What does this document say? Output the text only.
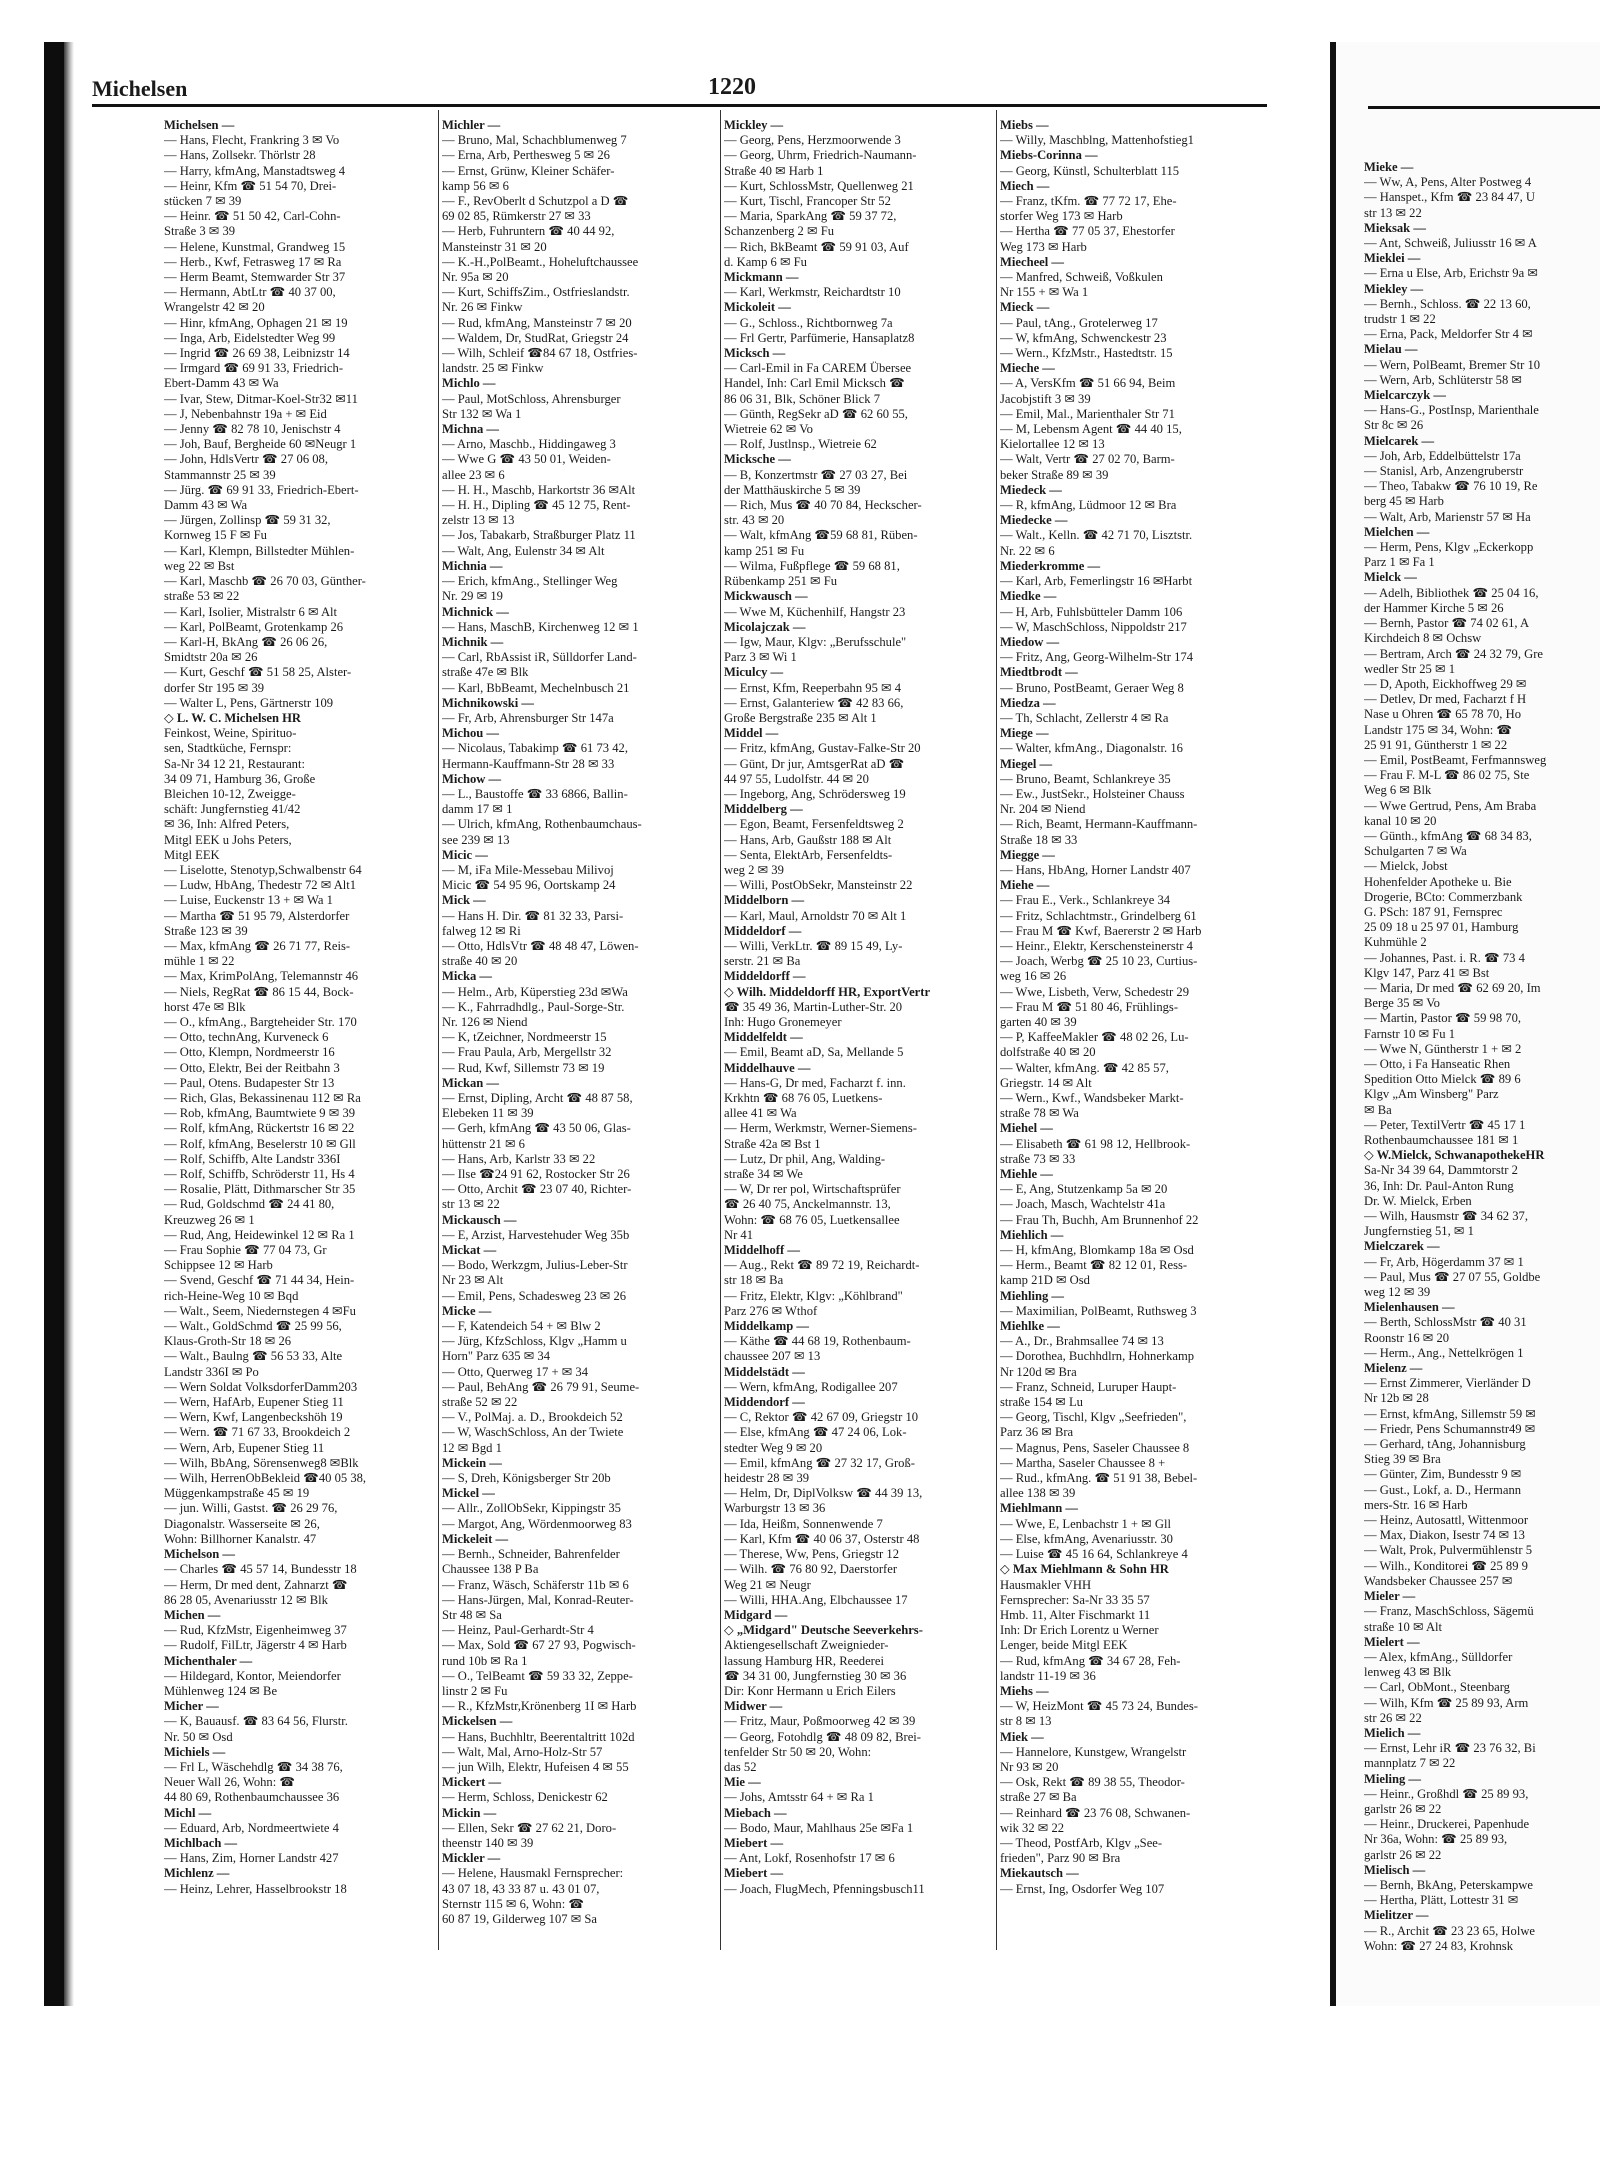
Mieke —
— Ww, A, Pens, Alter Postweg 4
— Hanspet., Kfm ☎ 23 84 47, U
str 13 ✉ 22
Mieksak —
— Ant, Schweiß, Juliusstr 16 ✉ A
Mieklei —
— Erna u Else, Arb, Erichstr 9a ✉
Miekley —
— Bernh., Schloss. ☎ 22 13 60,
trudstr 1 ✉ 22
— Erna, Pack, Meldorfer Str 4 ✉
Mielau —
— Wern, PolBeamt, Bremer Str 10
— Wern, Arb, Schlüterstr 58 ✉
Mielcarczyk —
— Hans-G., PostInsp, Marienthale
Str 8c ✉ 26
Mielcarek —
— Joh, Arb, Eddelbüttelstr 17a
— Stanisl, Arb, Anzengruberstr
— Theo, Tabakw ☎ 76 10 19, Re
berg 45 ✉ Harb
— Walt, Arb, Marienstr 57 ✉ Ha
Mielchen —
— Herm, Pens, Klgv „Eckerkopp
Parz 1 ✉ Fa 1
Mielck —
— Adelh, Bibliothek ☎ 25 04 16,
der Hammer Kirche 5 ✉ 26
— Bernh, Pastor ☎ 74 02 61, A
Kirchdeich 8 ✉ Ochsw
— Bertram, Arch ☎ 24 32 79, Gre
wedler Str 25 ✉ 1
— D, Apoth, Eickhoffweg 29 ✉
— Detlev, Dr med, Facharzt f H
Nase u Ohren ☎ 65 78 70, Ho
Landstr 175 ✉ 34, Wohn: ☎
25 91 91, Güntherstr 1 ✉ 22
— Emil, PostBeamt, Ferfmannsweg
— Frau F. M-L ☎ 86 02 75, Ste
Weg 6 ✉ Blk
— Wwe Gertrud, Pens, Am Braba
kanal 10 ✉ 20
— Günth., kfmAng ☎ 68 34 83,
Schulgarten 7 ✉ Wa
— Mielck, Jobst
Hohenfelder Apotheke u. Bie
Drogerie, BCto: Commerzbank
G. PSch: 187 91, Fernsprec
25 09 18 u 25 97 01, Hamburg
Kuhmühle 2
— Johannes, Past. i. R. ☎ 73 4
Klgv 147, Parz 41 ✉ Bst
— Maria, Dr med ☎ 62 69 20, Im
Berge 35 ✉ Vo
— Martin, Pastor ☎ 59 98 70,
Farnstr 10 ✉ Fu 1
— Wwe N, Güntherstr 1 + ✉ 2
— Otto, i Fa Hanseatic Rhen
Spedition Otto Mielck ☎ 89 6
Klgv „Am Winsberg" Parz
✉ Ba
— Peter, TextilVertr ☎ 45 17 1
Rothenbaumchaussee 181 ✉ 1
◇ W.Mielck, SchwanapothekeHR
Sa-Nr 34 39 64, Dammtorstr 2
36, Inh: Dr. Paul-Anton Rung
Dr. W. Mielck, Erben
— Wilh, Hausmstr ☎ 34 62 37,
Jungfernstieg 51, ✉ 1
Mielczarek —
— Fr, Arb, Högerdamm 37 ✉ 1
— Paul, Mus ☎ 27 07 55, Goldbe
weg 12 ✉ 39
Mielenhausen —
— Berth, SchlossMstr ☎ 40 31
Roonstr 16 ✉ 20
— Herm., Ang., Nettelkrögen 1
Mielenz —
— Ernst Zimmerer, Vierländer D
Nr 12b ✉ 28
— Ernst, kfmAng, Sillemstr 59 ✉
— Friedr, Pens Schumannstr49 ✉
— Gerhard, tAng, Johannisburg
Stieg 39 ✉ Bra
— Günter, Zim, Bundesstr 9 ✉
— Gust., Lokf, a. D., Hermann
mers-Str. 16 ✉ Harb
— Heinz, Autosattl, Wittenmoor
— Max, Diakon, Isestr 74 ✉ 13
— Walt, Prok, Pulvermühlenstr 5
— Wilh., Konditorei ☎ 25 89 9
Wandsbeker Chaussee 257 ✉
Mieler —
— Franz, MaschSchloss, Sägemü
straße 10 ✉ Alt
Mielert —
— Alex, kfmAng., Sülldorfer
lenweg 43 ✉ Blk
— Carl, ObMont., Steenbarg
— Wilh, Kfm ☎ 25 89 93, Arm
str 26 ✉ 22
Mielich —
— Ernst, Lehr iR ☎ 23 76 32, Bi
mannplatz 7 ✉ 22
Mieling —
— Heinr., Großhdl ☎ 25 89 93,
garlstr 26 ✉ 22
— Heinr., Druckerei, Papenhude
Nr 36a, Wohn: ☎ 25 89 93,
garlstr 26 ✉ 22
Mielisch —
— Bernh, BkAng, Peterskampwe
— Hertha, Plätt, Lottestr 31 ✉
Mielitzer —
— R., Archit ☎ 23 23 65, Holwe
Wohn: ☎ 27 24 83, Krohnsk
Michelsen	1220
Michelsen —
— Hans, Flecht, Frankring 3 ✉ Vo
— Hans, Zollsekr. Thörlstr 28
— Harry, kfmAng, Manstadtsweg 4
— Heinr, Kfm ☎ 51 54 70, Drei-
stücken 7 ✉ 39
— Heinr. ☎ 51 50 42, Carl-Cohn-
Straße 3 ✉ 39
— Helene, Kunstmal, Grandweg 15
— Herb., Kwf, Fetrasweg 17 ✉ Ra
— Herm Beamt, Stemwarder Str 37
— Hermann, AbtLtr ☎ 40 37 00,
Wrangelstr 42 ✉ 20
— Hinr, kfmAng, Ophagen 21 ✉ 19
— Inga, Arb, Eidelstedter Weg 99
— Ingrid ☎ 26 69 38, Leibnizstr 14
— Irmgard ☎ 69 91 33, Friedrich-
Ebert-Damm 43 ✉ Wa
— Ivar, Stew, Ditmar-Koel-Str32 ✉11
— J, Nebenbahnstr 19a + ✉ Eid
— Jenny ☎ 82 78 10, Jenischstr 4
— Joh, Bauf, Bergheide 60 ✉Neugr 1
— John, HdlsVertr ☎ 27 06 08,
Stammannstr 25 ✉ 39
— Jürg. ☎ 69 91 33, Friedrich-Ebert-
Damm 43 ✉ Wa
— Jürgen, Zollinsp ☎ 59 31 32,
Kornweg 15 F ✉ Fu
— Karl, Klempn, Billstedter Mühlen-
weg 22 ✉ Bst
— Karl, Maschb ☎ 26 70 03, Günther-
straße 53 ✉ 22
— Karl, Isolier, Mistralstr 6 ✉ Alt
— Karl, PolBeamt, Grotenkamp 26
— Karl-H, BkAng ☎ 26 06 26,
Smidtstr 20a ✉ 26
— Kurt, Geschf ☎ 51 58 25, Alster-
dorfer Str 195 ✉ 39
— Walter L, Pens, Gärtnerstr 109
◇ L. W. C. Michelsen HR
Feinkost, Weine, Spirituo-
sen, Stadtküche, Fernspr:
Sa-Nr 34 12 21, Restaurant:
34 09 71, Hamburg 36, Große
Bleichen 10-12, Zweigge-
schäft: Jungfernstieg 41/42
✉ 36, Inh: Alfred Peters,
Mitgl EEK u Johs Peters,
Mitgl EEK
— Liselotte, Stenotyp,Schwalbenstr 64
— Ludw, HbAng, Thedestr 72 ✉ Alt1
— Luise, Euckenstr 13 + ✉ Wa 1
— Martha ☎ 51 95 79, Alsterdorfer
Straße 123 ✉ 39
— Max, kfmAng ☎ 26 71 77, Reis-
mühle 1 ✉ 22
— Max, KrimPolAng, Telemannstr 46
— Niels, RegRat ☎ 86 15 44, Bock-
horst 47e ✉ Blk
— O., kfmAng., Bargteheider Str. 170
— Otto, technAng, Kurveneck 6
— Otto, Klempn, Nordmeerstr 16
— Otto, Elektr, Bei der Reitbahn 3
— Paul, Otens. Budapester Str 13
— Rich, Glas, Bekassinenau 112 ✉ Ra
— Rob, kfmAng, Baumtwiete 9 ✉ 39
— Rolf, kfmAng, Rückertstr 16 ✉ 22
— Rolf, kfmAng, Beselerstr 10 ✉ Gll
— Rolf, Schiffb, Alte Landstr 336I
— Rolf, Schiffb, Schröderstr 11, Hs 4
— Rosalie, Plätt, Dithmarscher Str 35
— Rud, Goldschmd ☎ 24 41 80,
Kreuzweg 26 ✉ 1
— Rud, Ang, Heidewinkel 12 ✉ Ra 1
— Frau Sophie ☎ 77 04 73, Gr
Schippsee 12 ✉ Harb
— Svend, Geschf ☎ 71 44 34, Hein-
rich-Heine-Weg 10 ✉ Bqd
— Walt., Seem, Niedernstegen 4 ✉Fu
— Walt., GoldSchmd ☎ 25 99 56,
Klaus-Groth-Str 18 ✉ 26
— Walt., Baulng ☎ 56 53 33, Alte
Landstr 336I ✉ Po
— Wern Soldat VolksdorferDamm203
— Wern, HafArb, Eupener Stieg 11
— Wern, Kwf, Langenbeckshöh 19
— Wern. ☎ 71 67 33, Brookdeich 2
— Wern, Arb, Eupener Stieg 11
— Wilh, BbAng, Sörensenweg8 ✉Blk
— Wilh, HerrenObBekleid ☎40 05 38,
Müggenkampstraße 45 ✉ 19
— jun. Willi, Gastst. ☎ 26 29 76,
Diagonalstr. Wasserseite ✉ 26,
Wohn: Billhorner Kanalstr. 47
Michelson —
— Charles ☎ 45 57 14, Bundesstr 18
— Herm, Dr med dent, Zahnarzt ☎
86 28 05, Avenariusstr 12 ✉ Blk
Michen —
— Rud, KfzMstr, Eigenheimweg 37
— Rudolf, FilLtr, Jägerstr 4 ✉ Harb
Michenthaler —
— Hildegard, Kontor, Meiendorfer
Mühlenweg 124 ✉ Be
Micher —
— K, Bauausf. ☎ 83 64 56, Flurstr.
Nr. 50 ✉ Osd
Michiels —
— Frl L, Wäschehdlg ☎ 34 38 76,
Neuer Wall 26, Wohn: ☎
44 80 69, Rothenbaumchaussee 36
Michl —
— Eduard, Arb, Nordmeertwiete 4
Michlbach —
— Hans, Zim, Horner Landstr 427
Michlenz —
— Heinz, Lehrer, Hasselbrookstr 18
Michler —
— Bruno, Mal, Schachblumenweg 7
— Erna, Arb, Perthesweg 5 ✉ 26
— Ernst, Grünw, Kleiner Schäfer-
kamp 56 ✉ 6
— F., RevOberlt d Schutzpol a D ☎
69 02 85, Rümkerstr 27 ✉ 33
— Herb, Fuhruntern ☎ 40 44 92,
Mansteinstr 31 ✉ 20
— K.-H.,PolBeamt., Hoheluftchaussee
Nr. 95a ✉ 20
— Kurt, SchiffsZim., Ostfrieslandstr.
Nr. 26 ✉ Finkw
— Rud, kfmAng, Mansteinstr 7 ✉ 20
— Waldem, Dr, StudRat, Griegstr 24
— Wilh, Schleif ☎84 67 18, Ostfries-
landstr. 25 ✉ Finkw
Michlo —
— Paul, MotSchloss, Ahrensburger
Str 132 ✉ Wa 1
Michna —
— Arno, Maschb., Hiddingaweg 3
— Wwe G ☎ 43 50 01, Weiden-
allee 23 ✉ 6
— H. H., Maschb, Harkortstr 36 ✉Alt
— H. H., Dipling ☎ 45 12 75, Rent-
zelstr 13 ✉ 13
— Jos, Tabakarb, Straßburger Platz 11
— Walt, Ang, Eulenstr 34 ✉ Alt
Michnia —
— Erich, kfmAng., Stellinger Weg
Nr. 29 ✉ 19
Michnick —
— Hans, MaschB, Kirchenweg 12 ✉ 1
Michnik —
— Carl, RbAssist iR, Sülldorfer Land-
straße 47e ✉ Blk
— Karl, BbBeamt, Mechelnbusch 21
Michnikowski —
— Fr, Arb, Ahrensburger Str 147a
Michou —
— Nicolaus, Tabakimp ☎ 61 73 42,
Hermann-Kauffmann-Str 28 ✉ 33
Michow —
— L., Baustoffe ☎ 33 6866, Ballin-
damm 17 ✉ 1
— Ulrich, kfmAng, Rothenbaumchaus-
see 239 ✉ 13
Micic —
— M, iFa Mile-Messebau Milivoj
Micic ☎ 54 95 96, Oortskamp 24
Mick —
— Hans H. Dir. ☎ 81 32 33, Parsi-
falweg 12 ✉ Ri
— Otto, HdlsVtr ☎ 48 48 47, Löwen-
straße 40 ✉ 20
Micka —
— Helm., Arb, Küperstieg 23d ✉Wa
— K., Fahrradhdlg., Paul-Sorge-Str.
Nr. 126 ✉ Niend
— K, tZeichner, Nordmeerstr 15
— Frau Paula, Arb, Mergellstr 32
— Rud, Kwf, Sillemstr 73 ✉ 19
Mickan —
— Ernst, Dipling, Archt ☎ 48 87 58,
Elebeken 11 ✉ 39
— Gerh, kfmAng ☎ 43 50 06, Glas-
hüttenstr 21 ✉ 6
— Hans, Arb, Karlstr 33 ✉ 22
— Ilse ☎24 91 62, Rostocker Str 26
— Otto, Archit ☎ 23 07 40, Richter-
str 13 ✉ 22
Mickausch —
— E, Arzist, Harvestehuder Weg 35b
Mickat —
— Bodo, Werkzgm, Julius-Leber-Str
Nr 23 ✉ Alt
— Emil, Pens, Schadesweg 23 ✉ 26
Micke —
— F, Katendeich 54 + ✉ Blw 2
— Jürg, KfzSchloss, Klgv „Hamm u
Horn" Parz 635 ✉ 34
— Otto, Querweg 17 + ✉ 34
— Paul, BehAng ☎ 26 79 91, Seume-
straße 52 ✉ 22
— V., PolMaj. a. D., Brookdeich 52
— W, WaschSchloss, An der Twiete
12 ✉ Bgd 1
Mickein —
— S, Dreh, Königsberger Str 20b
Mickel —
— Allr., ZollObSekr, Kippingstr 35
— Margot, Ang, Wördenmoorweg 83
Mickeleit —
— Bernh., Schneider, Bahrenfelder
Chaussee 138 P Ba
— Franz, Wäsch, Schäferstr 11b ✉ 6
— Hans-Jürgen, Mal, Konrad-Reuter-
Str 48 ✉ Sa
— Heinz, Paul-Gerhardt-Str 4
— Max, Sold ☎ 67 27 93, Pogwisch-
rund 10b ✉ Ra 1
— O., TelBeamt ☎ 59 33 32, Zeppe-
linstr 2 ✉ Fu
— R., KfzMstr,Krönenberg 1I ✉ Harb
Mickelsen —
— Hans, Buchhltr, Beerentaltritt 102d
— Walt, Mal, Arno-Holz-Str 57
— jun Wilh, Elektr, Hufeisen 4 ✉ 55
Mickert —
— Herm, Schloss, Denickestr 62
Mickin —
— Ellen, Sekr ☎ 27 62 21, Doro-
theenstr 140 ✉ 39
Mickler —
— Helene, Hausmakl Fernsprecher:
43 07 18, 43 33 87 u. 43 01 07,
Sternstr 115 ✉ 6, Wohn: ☎
60 87 19, Gilderweg 107 ✉ Sa
Mickley —
— Georg, Pens, Herzmoorwende 3
— Georg, Uhrm, Friedrich-Naumann-
Straße 40 ✉ Harb 1
— Kurt, SchlossMstr, Quellenweg 21
— Kurt, Tischl, Francoper Str 52
— Maria, SparkAng ☎ 59 37 72,
Schanzenberg 2 ✉ Fu
— Rich, BkBeamt ☎ 59 91 03, Auf
d. Kamp 6 ✉ Fu
Mickmann —
— Karl, Werkmstr, Reichardtstr 10
Mickoleit —
— G., Schloss., Richtbornweg 7a
— Frl Gertr, Parfümerie, Hansaplatz8
Micksch —
— Carl-Emil in Fa CAREM Übersee
Handel, Inh: Carl Emil Micksch ☎
86 06 31, Blk, Schöner Blick 7
— Günth, RegSekr aD ☎ 62 60 55,
Wietreie 62 ✉ Vo
— Rolf, Justlnsp., Wietreie 62
Micksche —
— B, Konzertmstr ☎ 27 03 27, Bei
der Matthäuskirche 5 ✉ 39
— Rich, Mus ☎ 40 70 84, Heckscher-
str. 43 ✉ 20
— Walt, kfmAng ☎59 68 81, Rüben-
kamp 251 ✉ Fu
— Wilma, Fußpflege ☎ 59 68 81,
Rübenkamp 251 ✉ Fu
Mickwausch —
— Wwe M, Küchenhilf, Hangstr 23
Micolajczak —
— Igw, Maur, Klgv: „Berufsschule"
Parz 3 ✉ Wi 1
Miculcy —
— Ernst, Kfm, Reeperbahn 95 ✉ 4
— Ernst, Galanteriew ☎ 42 83 66,
Große Bergstraße 235 ✉ Alt 1
Middel —
— Fritz, kfmAng, Gustav-Falke-Str 20
— Günt, Dr jur, AmtsgerRat aD ☎
44 97 55, Ludolfstr. 44 ✉ 20
— Ingeborg, Ang, Schrödersweg 19
Middelberg —
— Egon, Beamt, Fersenfeldtsweg 2
— Hans, Arb, Gaußstr 188 ✉ Alt
— Senta, ElektArb, Fersenfeldts-
weg 2 ✉ 39
— Willi, PostObSekr, Mansteinstr 22
Middelborn —
— Karl, Maul, Arnoldstr 70 ✉ Alt 1
Middeldorf —
— Willi, VerkLtr. ☎ 89 15 49, Ly-
serstr. 21 ✉ Ba
Middeldorff —
◇ Wilh. Middeldorff HR, ExportVertr
☎ 35 49 36, Martin-Luther-Str. 20
Inh: Hugo Gronemeyer
Middelfeldt —
— Emil, Beamt aD, Sa, Mellande 5
Middelhauve —
— Hans-G, Dr med, Facharzt f. inn.
Krkhtn ☎ 68 76 05, Luetkens-
allee 41 ✉ Wa
— Herm, Werkmstr, Werner-Siemens-
Straße 42a ✉ Bst 1
— Lutz, Dr phil, Ang, Walding-
straße 34 ✉ We
— W, Dr rer pol, Wirtschaftsprüfer
☎ 26 40 75, Anckelmannstr. 13,
Wohn: ☎ 68 76 05, Luetkensallee
Nr 41
Middelhoff —
— Aug., Rekt ☎ 89 72 19, Reichardt-
str 18 ✉ Ba
— Fritz, Elektr, Klgv: „Köhlbrand"
Parz 276 ✉ Wthof
Middelkamp —
— Käthe ☎ 44 68 19, Rothenbaum-
chaussee 207 ✉ 13
Middelstädt —
— Wern, kfmAng, Rodigallee 207
Middendorf —
— C, Rektor ☎ 42 67 09, Griegstr 10
— Else, kfmAng ☎ 47 24 06, Lok-
stedter Weg 9 ✉ 20
— Emil, kfmAng ☎ 27 32 17, Groß-
heidestr 28 ✉ 39
— Helm, Dr, DiplVolksw ☎ 44 39 13,
Warburgstr 13 ✉ 36
— Ida, Heißm, Sonnenwende 7
— Karl, Kfm ☎ 40 06 37, Osterstr 48
— Therese, Ww, Pens, Griegstr 12
— Wilh. ☎ 76 80 92, Daerstorfer
Weg 21 ✉ Neugr
— Willi, HHA.Ang, Elbchaussee 17
Midgard —
◇ „Midgard" Deutsche Seeverkehrs-
Aktiengesellschaft Zweignieder-
lassung Hamburg HR, Reederei
☎ 34 31 00, Jungfernstieg 30 ✉ 36
Dir: Konr Hermann u Erich Eilers
Midwer —
— Fritz, Maur, Poßmoorweg 42 ✉ 39
— Georg, Fotohdlg ☎ 48 09 82, Brei-
tenfelder Str 50 ✉ 20, Wohn:
das 52
Mie —
— Johs, Amtsstr 64 + ✉ Ra 1
Miebach —
— Bodo, Maur, Mahlhaus 25e ✉Fa 1
Miebert —
— Ant, Lokf, Rosenhofstr 17 ✉ 6
Miebert —
— Joach, FlugMech, Pfenningsbusch11
Miebs —
— Willy, Maschblng, Mattenhofstieg1
Miebs-Corinna —
— Georg, Künstl, Schulterblatt 115
Miech —
— Franz, tKfm. ☎ 77 72 17, Ehe-
storfer Weg 173 ✉ Harb
— Hertha ☎ 77 05 37, Ehestorfer
Weg 173 ✉ Harb
Miecheel —
— Manfred, Schweiß, Voßkulen
Nr 155 + ✉ Wa 1
Mieck —
— Paul, tAng., Grotelerweg 17
— W, kfmAng, Schwenckestr 23
— Wern., KfzMstr., Hastedtstr. 15
Mieche —
— A, VersKfm ☎ 51 66 94, Beim
Jacobjstift 3 ✉ 39
— Emil, Mal., Marienthaler Str 71
— M, Lebensm Agent ☎ 44 40 15,
Kielortallee 12 ✉ 13
— Walt, Vertr ☎ 27 02 70, Barm-
beker Straße 89 ✉ 39
Miedeck —
— R, kfmAng, Lüdmoor 12 ✉ Bra
Miedecke —
— Walt., Kelln. ☎ 42 71 70, Lisztstr.
Nr. 22 ✉ 6
Miederkromme —
— Karl, Arb, Femerlingstr 16 ✉Harbt
Miedke —
— H, Arb, Fuhlsbütteler Damm 106
— W, MaschSchloss, Nippoldstr 217
Miedow —
— Fritz, Ang, Georg-Wilhelm-Str 174
Miedtbrodt —
— Bruno, PostBeamt, Geraer Weg 8
Miedza —
— Th, Schlacht, Zellerstr 4 ✉ Ra
Miege —
— Walter, kfmAng., Diagonalstr. 16
Miegel —
— Bruno, Beamt, Schlankreye 35
— Ew., JustSekr., Holsteiner Chauss
Nr. 204 ✉ Niend
— Rich, Beamt, Hermann-Kauffmann-
Straße 18 ✉ 33
Miegge —
— Hans, HbAng, Horner Landstr 407
Miehe —
— Frau E., Verk., Schlankreye 34
— Fritz, Schlachtmstr., Grindelberg 61
— Frau M ☎ Kwf, Baererstr 2 ✉ Harb
— Heinr., Elektr, Kerschensteinerstr 4
— Joach, Werbg ☎ 25 10 23, Curtius-
weg 16 ✉ 26
— Wwe, Lisbeth, Verw, Schedestr 29
— Frau M ☎ 51 80 46, Frühlings-
garten 40 ✉ 39
— P, KaffeeMakler ☎ 48 02 26, Lu-
dolfstraße 40 ✉ 20
— Walter, kfmAng. ☎ 42 85 57,
Griegstr. 14 ✉ Alt
— Wern., Kwf., Wandsbeker Markt-
straße 78 ✉ Wa
Miehel —
— Elisabeth ☎ 61 98 12, Hellbrook-
straße 73 ✉ 33
Miehle —
— E, Ang, Stutzenkamp 5a ✉ 20
— Joach, Masch, Wachtelstr 41a
— Frau Th, Buchh, Am Brunnenhof 22
Miehlich —
— H, kfmAng, Blomkamp 18a ✉ Osd
— Herm., Beamt ☎ 82 12 01, Ress-
kamp 21D ✉ Osd
Miehling —
— Maximilian, PolBeamt, Ruthsweg 3
Miehlke —
— A., Dr., Brahmsallee 74 ✉ 13
— Dorothea, Buchhdlrn, Hohnerkamp
Nr 120d ✉ Bra
— Franz, Schneid, Luruper Haupt-
straße 154 ✉ Lu
— Georg, Tischl, Klgv „Seefrieden",
Parz 36 ✉ Bra
— Magnus, Pens, Saseler Chaussee 8
— Martha, Saseler Chaussee 8 +
— Rud., kfmAng. ☎ 51 91 38, Bebel-
allee 138 ✉ 39
Miehlmann —
— Wwe, E, Lenbachstr 1 + ✉ Gll
— Else, kfmAng, Avenariusstr. 30
— Luise ☎ 45 16 64, Schlankreye 4
◇ Max Miehlmann & Sohn HR
Hausmakler VHH
Fernsprecher: Sa-Nr 33 35 57
Hmb. 11, Alter Fischmarkt 11
Inh: Dr Erich Lorentz u Werner
Lenger, beide Mitgl EEK
— Rud, kfmAng ☎ 34 67 28, Feh-
landstr 11-19 ✉ 36
Miehs —
— W, HeizMont ☎ 45 73 24, Bundes-
str 8 ✉ 13
Miek —
— Hannelore, Kunstgew, Wrangelstr
Nr 93 ✉ 20
— Osk, Rekt ☎ 89 38 55, Theodor-
straße 27 ✉ Ba
— Reinhard ☎ 23 76 08, Schwanen-
wik 32 ✉ 22
— Theod, PostfArb, Klgv „See-
frieden", Parz 90 ✉ Bra
Miekautsch —
— Ernst, Ing, Osdorfer Weg 107
